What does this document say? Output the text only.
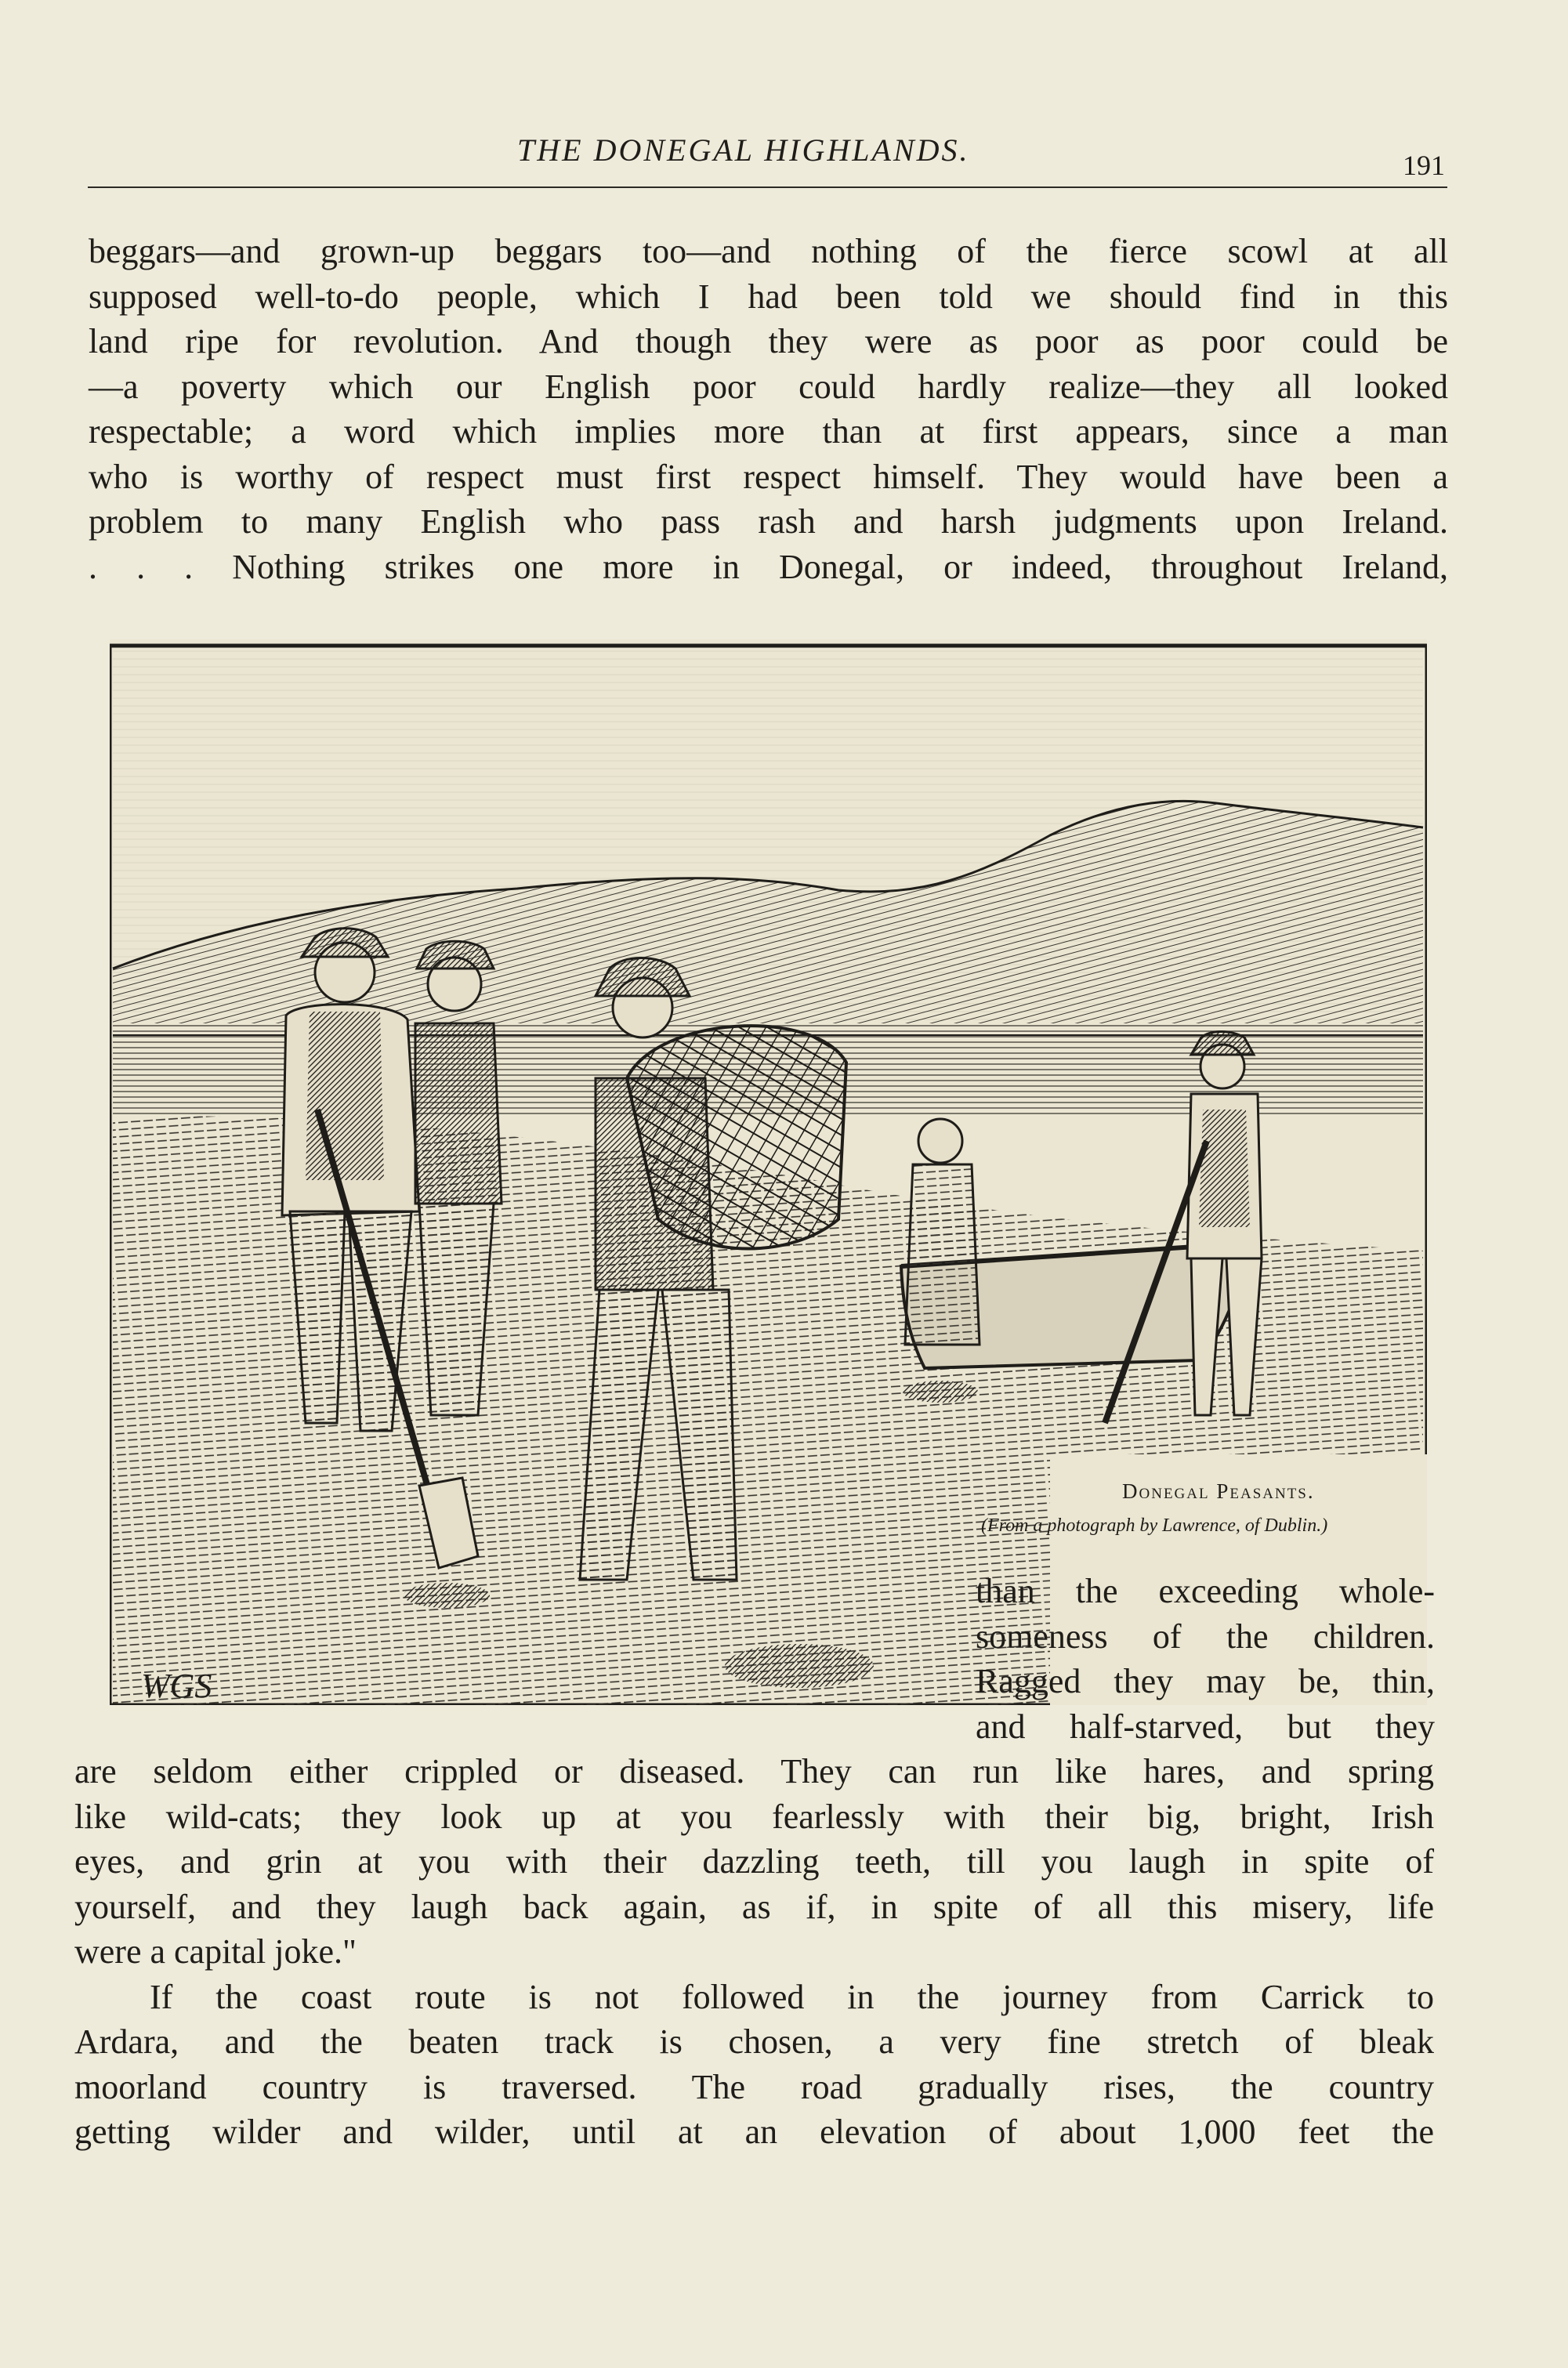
THE DONEGAL HIGHLANDS.	191
beggars—and grown-up beggars too—and nothing of the fierce scowl at all
supposed well-to-do people, which I had been told we should find in this
land ripe for revolution. And though they were as poor as poor could be
—a poverty which our English poor could hardly realize—they all looked
respectable; a word which implies more than at first appears, since a man
who is worthy of respect must first respect himself. They would have been a
problem to many English who pass rash and harsh judgments upon Ireland.
. . . Nothing strikes one more in Donegal, or indeed, throughout Ireland,
WGS
Donegal Peasants.
(From a photograph by Lawrence, of Dublin.)
than the exceeding whole-
someness of the children.
Ragged they may be, thin,
and half-starved, but they
are seldom either crippled or diseased. They can run like hares, and spring
like wild-cats; they look up at you fearlessly with their big, bright, Irish
eyes, and grin at you with their dazzling teeth, till you laugh in spite of
yourself, and they laugh back again, as if, in spite of all this misery, life
were a capital joke."
If the coast route is not followed in the journey from Carrick to
Ardara, and the beaten track is chosen, a very fine stretch of bleak
moorland country is traversed. The road gradually rises, the country
getting wilder and wilder, until at an elevation of about 1,000 feet the
